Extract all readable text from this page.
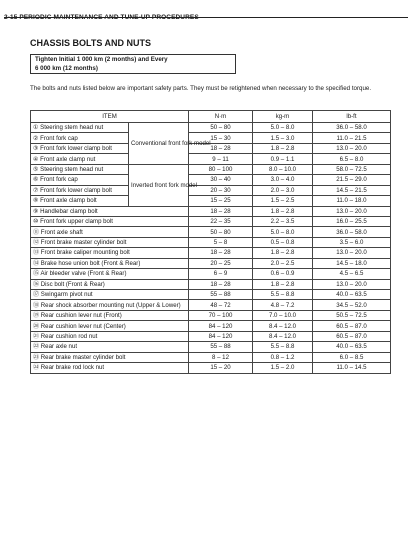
2-15 PERIODIC MAINTENANCE AND TUNE-UP PROCEDURES
CHASSIS BOLTS AND NUTS
Tighten Initial 1 000 km (2 months) and Every
6 000 km (12 months)
The bolts and nuts listed below are important safety parts. They must be retightened when necessary to the specified torque.
ITEM		N·m	kg-m	lb-ft
① Steering stem head nut	Conventional front fork model	50 – 80	5.0 – 8.0	36.0 – 58.0
② Front fork cap		15 – 30	1.5 – 3.0	11.0 – 21.5
③ Front fork lower clamp bolt		18 – 28	1.8 – 2.8	13.0 – 20.0
④ Front axle clamp nut		9 – 11	0.9 – 1.1	6.5 – 8.0
⑤ Steering stem head nut	Inverted front fork model	80 – 100	8.0 – 10.0	58.0 – 72.5
⑥ Front fork cap		30 – 40	3.0 – 4.0	21.5 – 29.0
⑦ Front fork lower clamp bolt		20 – 30	2.0 – 3.0	14.5 – 21.5
⑧ Front axle clamp bolt		15 – 25	1.5 – 2.5	11.0 – 18.0
⑨ Handlebar clamp bolt		18 – 28	1.8 – 2.8	13.0 – 20.0
⑩ Front fork upper clamp bolt		22 – 35	2.2 – 3.5	16.0 – 25.5
⑪ Front axle shaft		50 – 80	5.0 – 8.0	36.0 – 58.0
⑫ Front brake master cylinder bolt		5 – 8	0.5 – 0.8	3.5 – 6.0
⑬ Front brake caliper mounting bolt		18 – 28	1.8 – 2.8	13.0 – 20.0
⑭ Brake hose union bolt (Front & Rear)		20 – 25	2.0 – 2.5	14.5 – 18.0
⑮ Air bleeder valve (Front & Rear)		6 – 9	0.6 – 0.9	4.5 – 6.5
⑯ Disc bolt (Front & Rear)		18 – 28	1.8 – 2.8	13.0 – 20.0
⑰ Swingarm pivot nut		55 – 88	5.5 – 8.8	40.0 – 63.5
⑱ Rear shock absorber mounting nut (Upper & Lower)		48 – 72	4.8 – 7.2	34.5 – 52.0
⑲ Rear cushion lever nut (Front)		70 – 100	7.0 – 10.0	50.5 – 72.5
⑳ Rear cushion lever nut (Center)		84 – 120	8.4 – 12.0	60.5 – 87.0
㉑ Rear cushion rod nut		84 – 120	8.4 – 12.0	60.5 – 87.0
㉒ Rear axle nut		55 – 88	5.5 – 8.8	40.0 – 63.5
㉓ Rear brake master cylinder bolt		8 – 12	0.8 – 1.2	6.0 – 8.5
㉔ Rear brake rod lock nut		15 – 20	1.5 – 2.0	11.0 – 14.5
